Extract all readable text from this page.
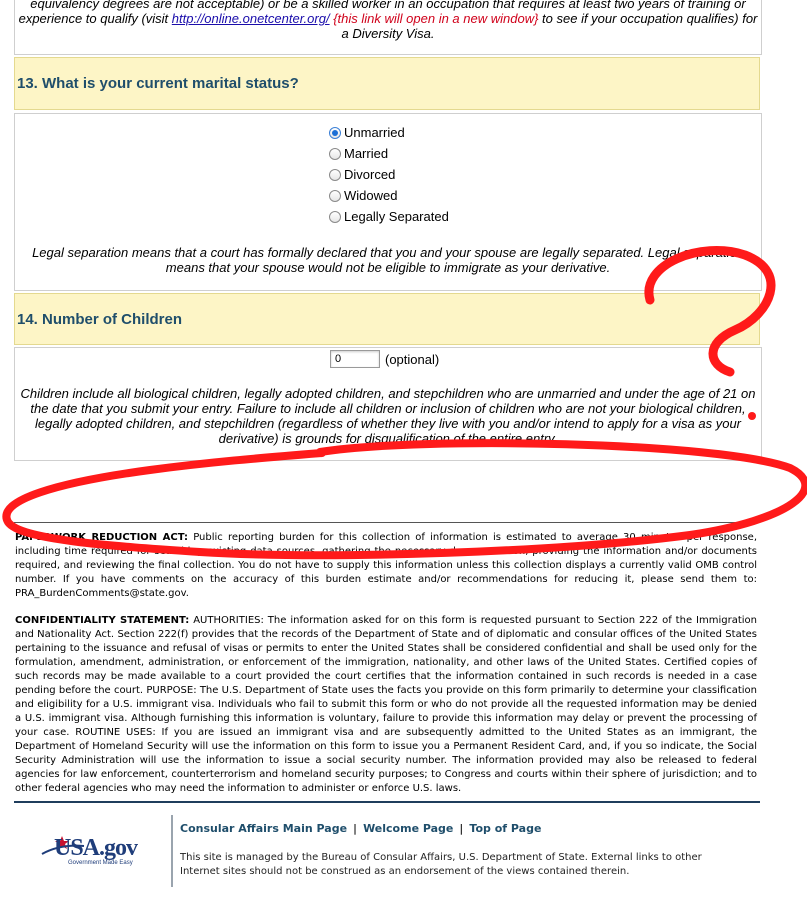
equivalency degrees are not acceptable) or be a skilled worker in an occupation that requires at least two years of training or
experience to qualify (visit http://online.onetcenter.org/ {this link will open in a new window} to see if your occupation qualifies) for
a Diversity Visa.
13. What is your current marital status?
Unmarried
Married
Divorced
Widowed
Legally Separated
Legal separation means that a court has formally declared that you and your spouse are legally separated. Legal separation means that your spouse would not be eligible to immigrate as your derivative.
14. Number of Children
0
(optional)
Children include all biological children, legally adopted children, and stepchildren who are unmarried and under the age of 21 on the date that you submit your entry. Failure to include all children or inclusion of children who are not your biological children, legally adopted children, and stepchildren (regardless of whether they live with you and/or intend to apply for a visa as your derivative) is grounds for disqualification of the entire entry.
PAPERWORK REDUCTION ACT: Public reporting burden for this collection of information is estimated to average 30 minutes per response, including time required for searching existing data sources, gathering the necessary documentation, providing the information and/or documents required, and reviewing the final collection. You do not have to supply this information unless this collection displays a currently valid OMB control number. If you have comments on the accuracy of this burden estimate and/or recommendations for reducing it, please send them to: PRA_BurdenComments@state.gov.
CONFIDENTIALITY STATEMENT: AUTHORITIES: The information asked for on this form is requested pursuant to Section 222 of the Immigration and Nationality Act. Section 222(f) provides that the records of the Department of State and of diplomatic and consular offices of the United States pertaining to the issuance and refusal of visas or permits to enter the United States shall be considered confidential and shall be used only for the formulation, amendment, administration, or enforcement of the immigration, nationality, and other laws of the United States. Certified copies of such records may be made available to a court provided the court certifies that the information contained in such records is needed in a case pending before the court. PURPOSE: The U.S. Department of State uses the facts you provide on this form primarily to determine your classification and eligibility for a U.S. immigrant visa. Individuals who fail to submit this form or who do not provide all the requested information may be denied a U.S. immigrant visa. Although furnishing this information is voluntary, failure to provide this information may delay or prevent the processing of your case. ROUTINE USES: If you are issued an immigrant visa and are subsequently admitted to the United States as an immigrant, the Department of Homeland Security will use the information on this form to issue you a Permanent Resident Card, and, if you so indicate, the Social Security Administration will use the information to issue a social security number. The information provided may also be released to federal agencies for law enforcement, counterterrorism and homeland security purposes; to Congress and courts within their sphere of jurisdiction; and to other federal agencies who may need the information to administer or enforce U.S. laws.
USA.gov
Government Made Easy
Consular Affairs Main Page | Welcome Page | Top of Page
This site is managed by the Bureau of Consular Affairs, U.S. Department of State. External links to other Internet sites should not be construed as an endorsement of the views contained therein.
